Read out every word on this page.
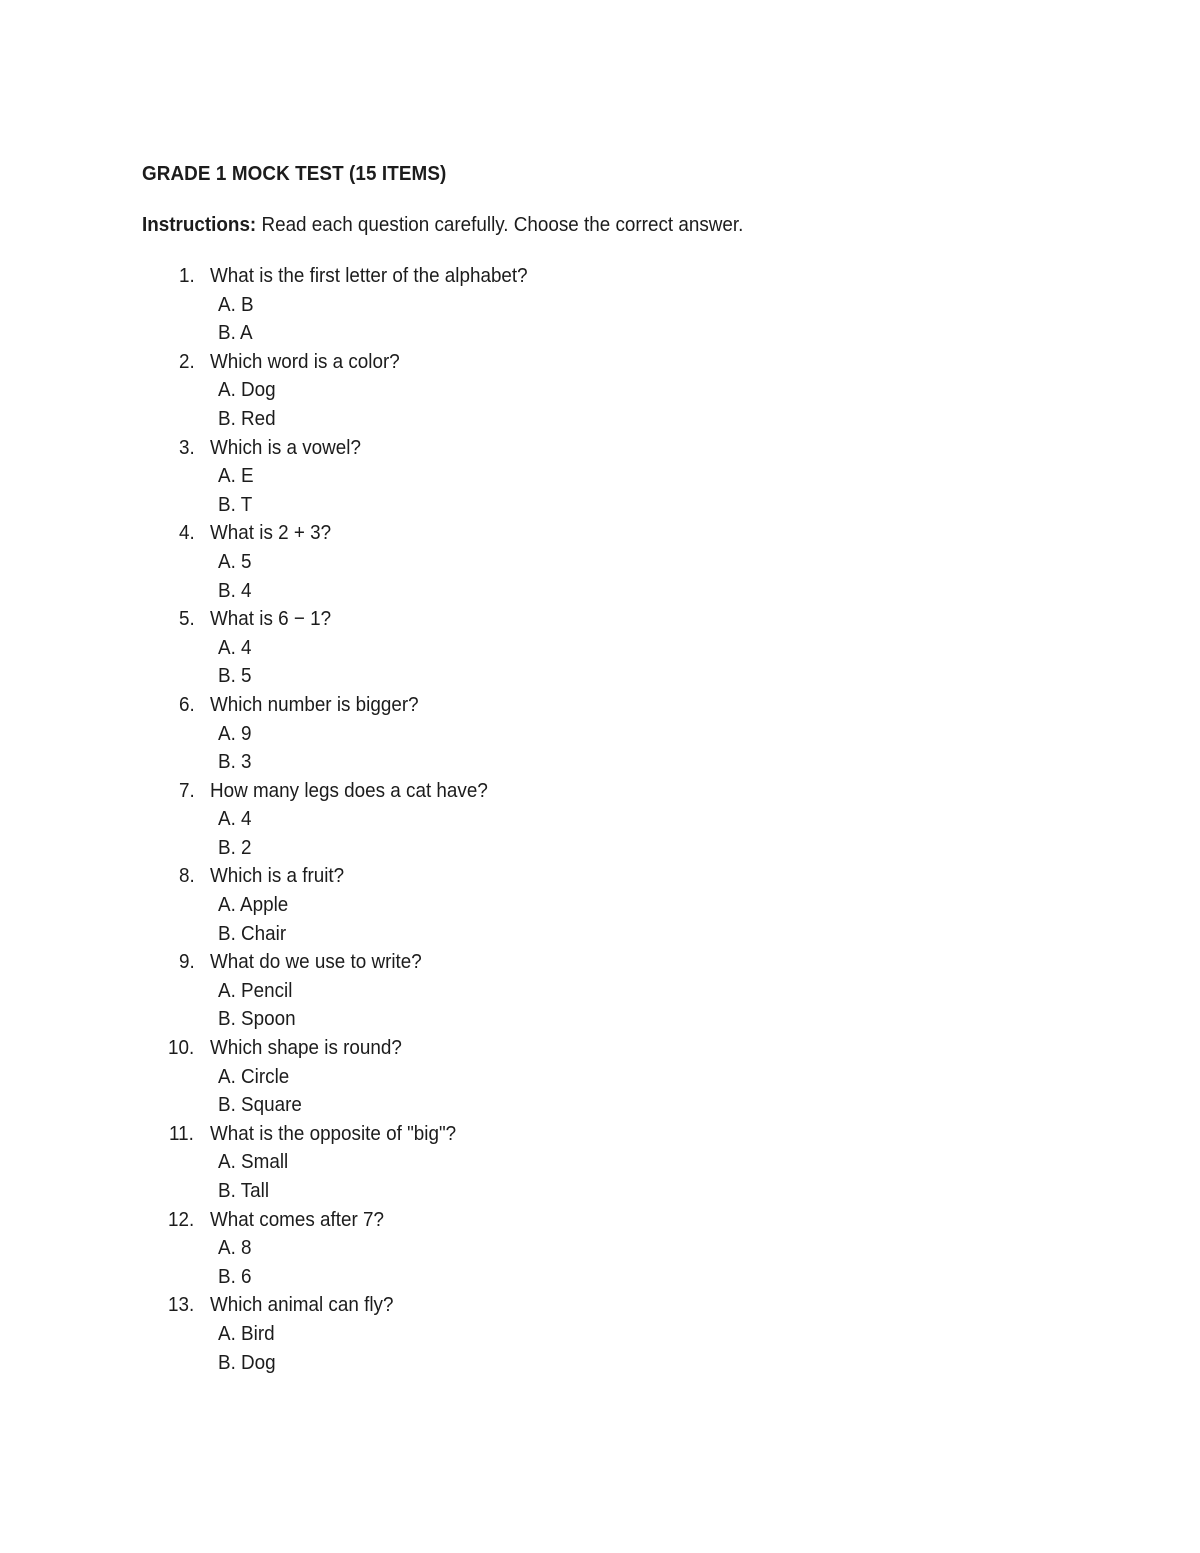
GRADE 1 MOCK TEST (15 ITEMS)
Instructions: Read each question carefully. Choose the correct answer.
1. What is the first letter of the alphabet?
A. B
B. A
2. Which word is a color?
A. Dog
B. Red
3. Which is a vowel?
A. E
B. T
4. What is 2 + 3?
A. 5
B. 4
5. What is 6 − 1?
A. 4
B. 5
6. Which number is bigger?
A. 9
B. 3
7. How many legs does a cat have?
A. 4
B. 2
8. Which is a fruit?
A. Apple
B. Chair
9. What do we use to write?
A. Pencil
B. Spoon
10. Which shape is round?
A. Circle
B. Square
11. What is the opposite of "big"?
A. Small
B. Tall
12. What comes after 7?
A. 8
B. 6
13. Which animal can fly?
A. Bird
B. Dog
